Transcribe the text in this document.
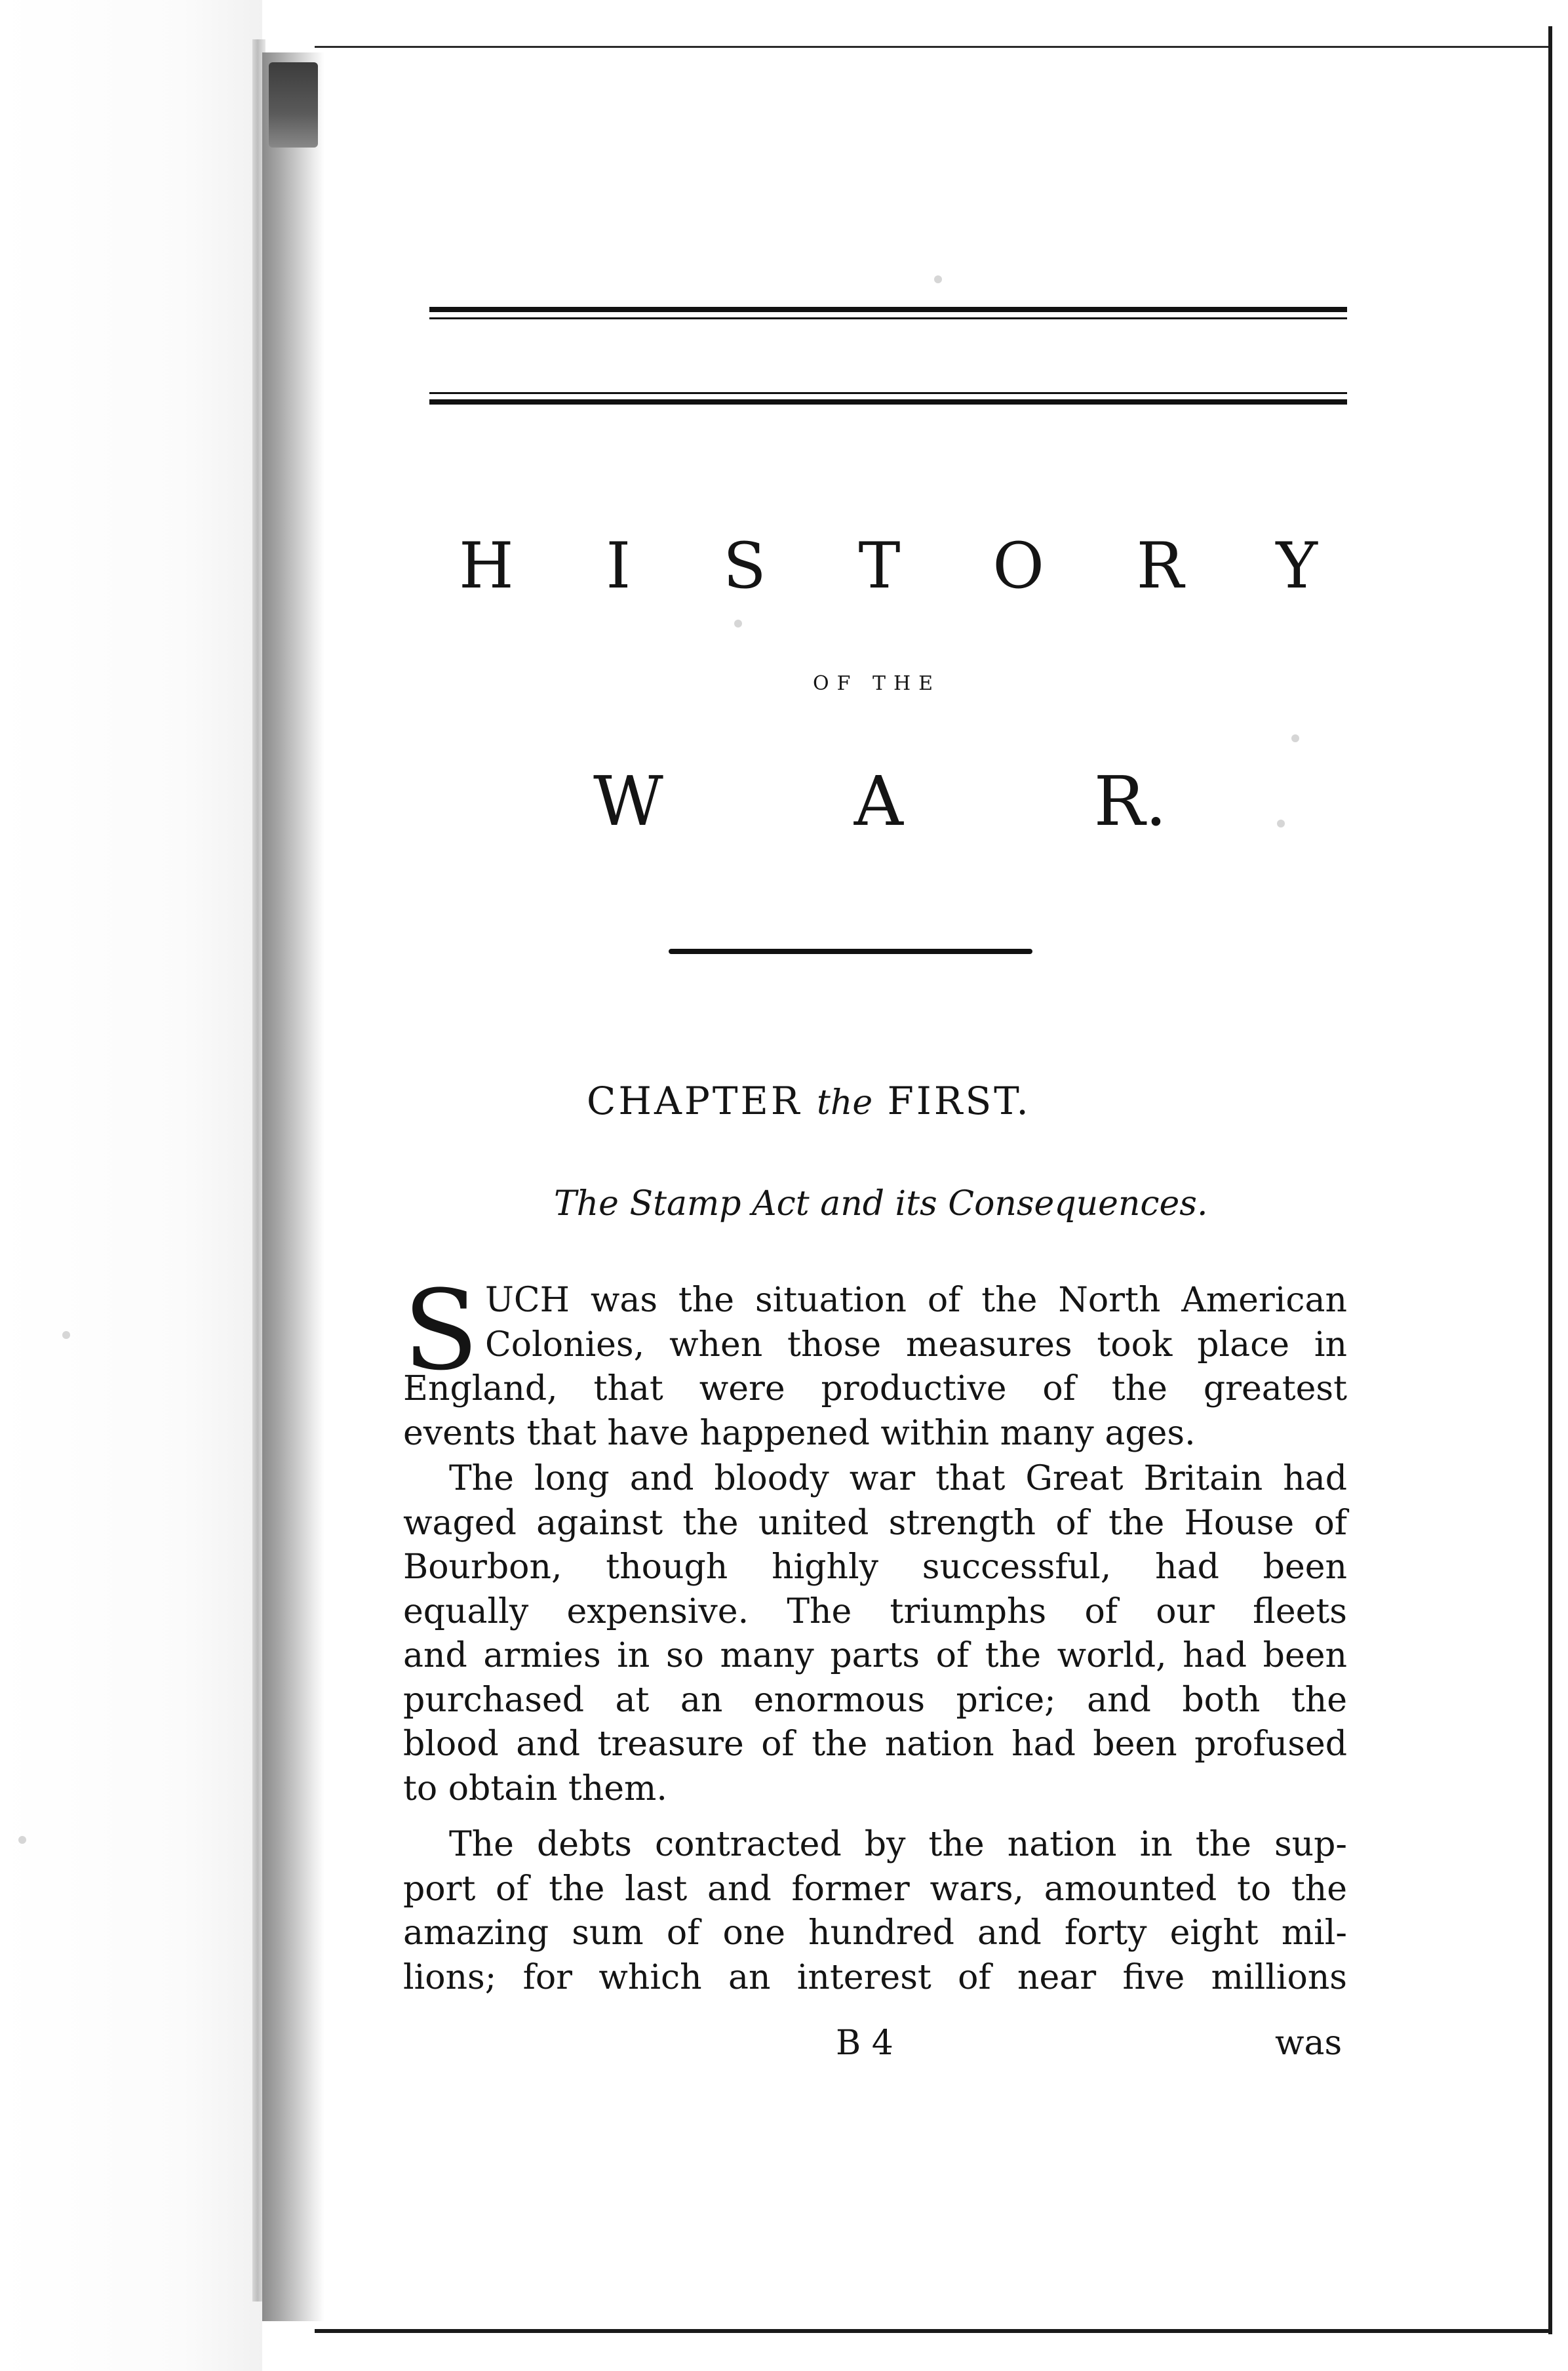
H I S T O R Y
OF THE
W	A	R.
CHAPTER the FIRST.
The Stamp Act and its Consequences.
S UCH was the situation of the North American
Colonies, when those measures took place in
England, that were productive of the greatest
events that have happened within many ages.
The long and bloody war that Great Britain had
waged against the united strength of the House of
Bourbon, though highly successful, had been
equally expensive. The triumphs of our fleets
and armies in so many parts of the world, had been
purchased at an enormous price; and both the
blood and treasure of the nation had been profused
to obtain them.
The debts contracted by the nation in the sup-
port of the last and former wars, amounted to the
amazing sum of one hundred and forty eight mil-
lions; for which an interest of near five millions
B 4	was
